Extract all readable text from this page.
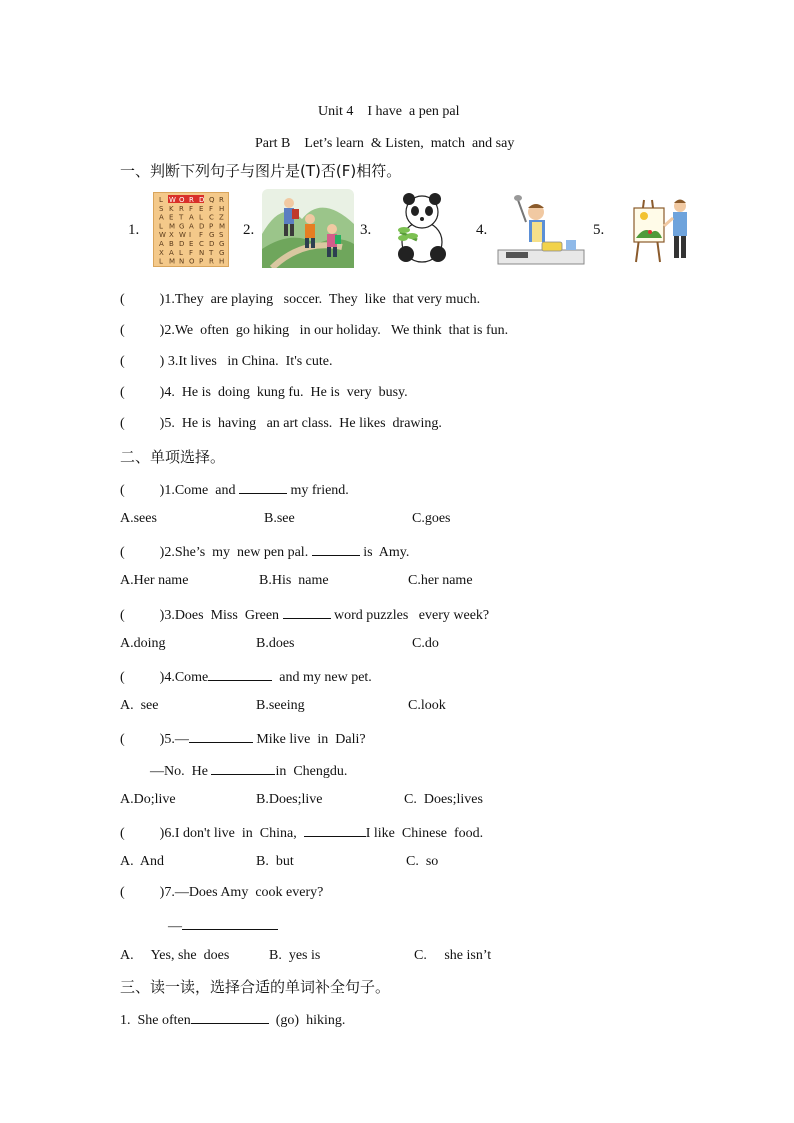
Unit 4    I have  a pen pal
Part B    Let’s learn  & Listen,  match  and say
一、判断下列句子与图片是(T)否(F)相符。
1.	2.	3.	4.	5.
L W O R D Q R
S K R F E F H
A E T A L C Z
L M G A D P M
W X W I F G S
A B D E C D G
X A L F N T G
L M N O P R H
(          )1.They  are playing   soccer.  They  like  that very much.
(          )2.We  often  go hiking   in our holiday.   We think  that is fun.
(          ) 3.It lives   in China.  It's cute.
(          )4.  He is  doing  kung fu.  He is  very  busy.
(          )5.  He is  having   an art class.  He likes  drawing.
二、单项选择。
(          )1.Come  and	my friend.
A.sees	B.see	C.goes
(          )2.She’s  my  new pen pal.	is  Amy.
A.Her name	B.His  name	C.her name
(          )3.Does  Miss  Green	word puzzles   every week?
A.doing	B.does	C.do
(          )4.Come	and my new pet.
A.  see	B.seeing	C.look
(          )5.—	Mike live  in  Dali?
—No.  He	in  Chengdu.
A.Do;live	B.Does;live	C.  Does;lives
(          )6.I don't live  in  China,	I like  Chinese  food.
A.  And	B.  but	C.  so
(          )7.—Does Amy  cook every?
—
A.     Yes, she  does	B.  yes is	C.     she isn’t
三、读一读，选择合适的单词补全句子。
1.  She often	(go)  hiking.
